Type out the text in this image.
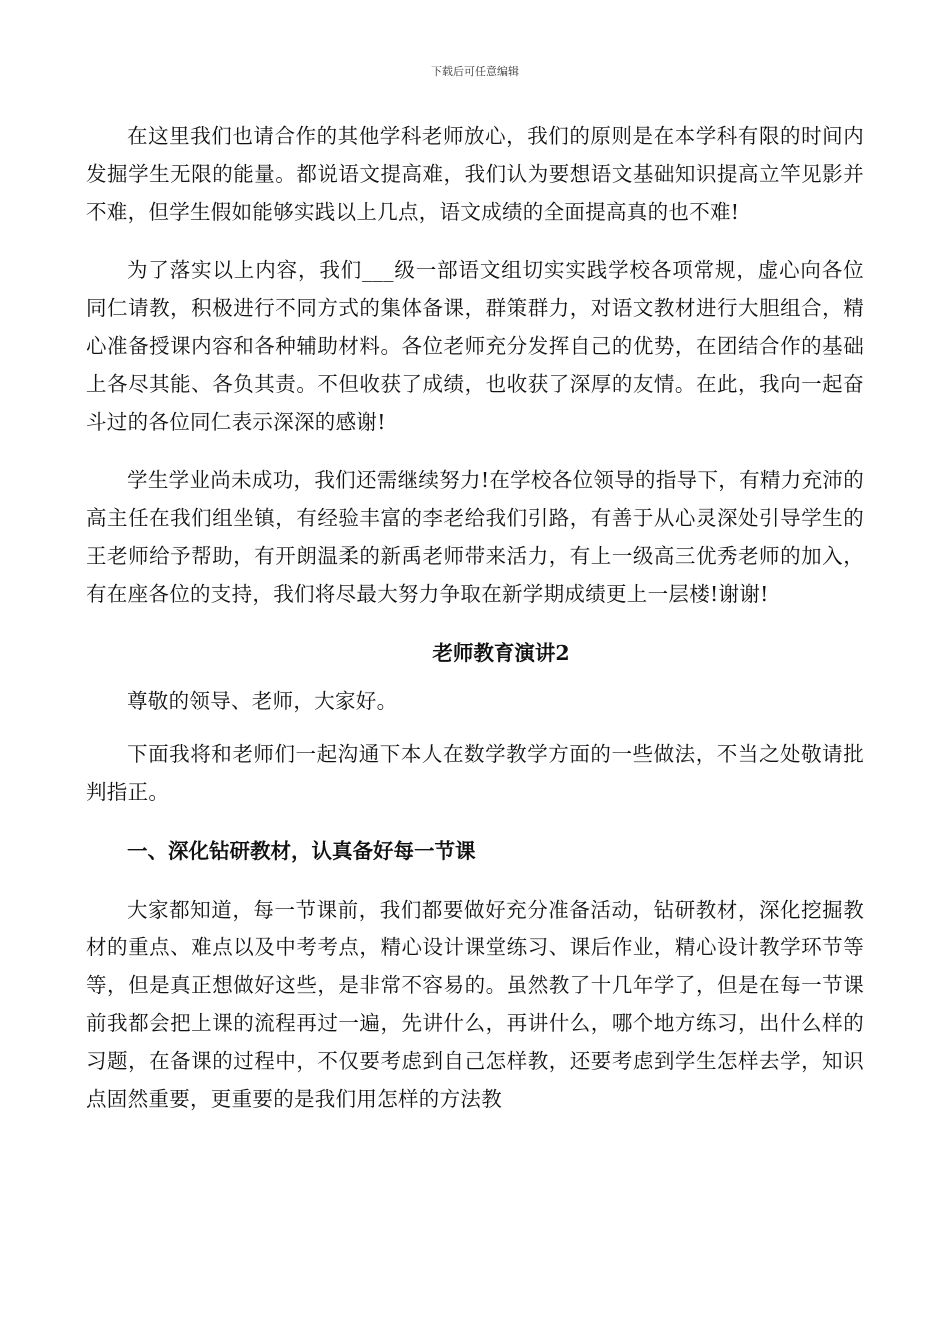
下载后可任意编辑

在这里我们也请合作的其他学科老师放心，我们的原则是在本学科有限的时间内发掘学生无限的能量。都说语文提高难，我们认为要想语文基础知识提高立竿见影并不难，但学生假如能够实践以上几点，语文成绩的全面提高真的也不难!

为了落实以上内容，我们___级一部语文组切实实践学校各项常规，虚心向各位同仁请教，积极进行不同方式的集体备课，群策群力，对语文教材进行大胆组合，精心准备授课内容和各种辅助材料。各位老师充分发挥自己的优势，在团结合作的基础上各尽其能、各负其责。不但收获了成绩，也收获了深厚的友情。在此，我向一起奋斗过的各位同仁表示深深的感谢!

学生学业尚未成功，我们还需继续努力!在学校各位领导的指导下，有精力充沛的高主任在我们组坐镇，有经验丰富的李老给我们引路，有善于从心灵深处引导学生的王老师给予帮助，有开朗温柔的新禹老师带来活力，有上一级高三优秀老师的加入，有在座各位的支持，我们将尽最大努力争取在新学期成绩更上一层楼!谢谢!

老师教育演讲2

尊敬的领导、老师，大家好。

下面我将和老师们一起沟通下本人在数学教学方面的一些做法，不当之处敬请批判指正。

一、深化钻研教材，认真备好每一节课

大家都知道，每一节课前，我们都要做好充分准备活动，钻研教材，深化挖掘教材的重点、难点以及中考考点，精心设计课堂练习、课后作业，精心设计教学环节等等，但是真正想做好这些，是非常不容易的。虽然教了十几年学了，但是在每一节课前我都会把上课的流程再过一遍，先讲什么，再讲什么，哪个地方练习，出什么样的习题，在备课的过程中，不仅要考虑到自己怎样教，还要考虑到学生怎样去学，知识点固然重要，更重要的是我们用怎样的方法教
